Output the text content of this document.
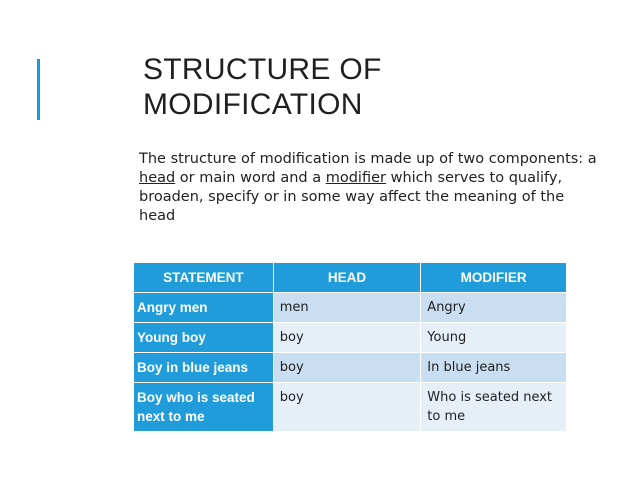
STRUCTURE OF
MODIFICATION
The structure of modification is made up of two components: a head or main word and a modifier which serves to qualify, broaden, specify or in some way affect the meaning of the head
STATEMENT	HEAD	MODIFIER
Angry men	men	Angry
Young boy	boy	Young
Boy in blue jeans	boy	In blue jeans
Boy who is seated next to me	boy	Who is seated next to me
